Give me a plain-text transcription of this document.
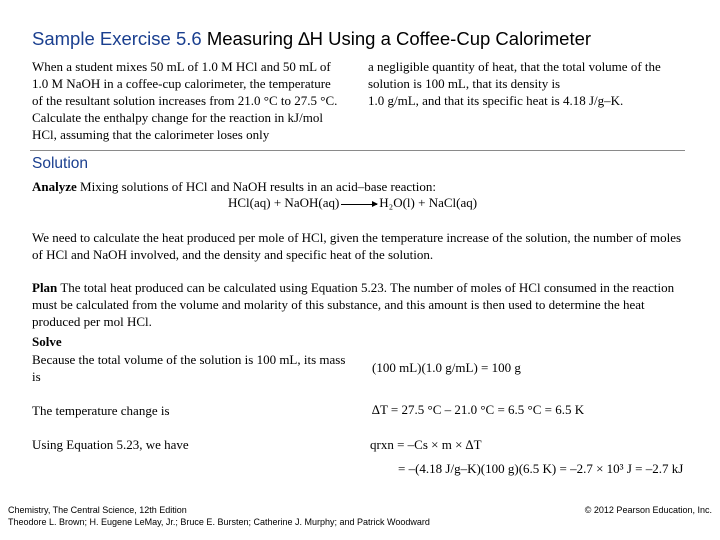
Sample Exercise 5.6 Measuring ∆H Using a Coffee-Cup Calorimeter
When a student mixes 50 mL of 1.0 M HCl and 50 mL of
1.0 M NaOH in a coffee-cup calorimeter, the temperature
of the resultant solution increases from 21.0 °C to 27.5 °C.
Calculate the enthalpy change for the reaction in kJ/mol
HCl, assuming that the calorimeter loses only
a negligible quantity of heat, that the total volume of the
solution is 100 mL, that its density is
1.0 g/mL, and that its specific heat is 4.18 J/g–K.
Solution
Analyze Mixing solutions of HCl and NaOH results in an acid–base reaction:
HCl(aq) + NaOH(aq) → H₂O(l) + NaCl(aq)
We need to calculate the heat produced per mole of HCl, given the temperature increase of the solution, the number of moles of HCl and NaOH involved, and the density and specific heat of the solution.
Plan The total heat produced can be calculated using Equation 5.23. The number of moles of HCl consumed in the reaction must be calculated from the volume and molarity of this substance, and this amount is then used to determine the heat produced per mol HCl.
Solve
Because the total volume of the solution is 100 mL, its mass is
(100 mL)(1.0 g/mL) = 100 g
The temperature change is	∆T = 27.5 °C – 21.0 °C = 6.5 °C = 6.5 K
Using Equation 5.23, we have	qrxn = –Cs × m × ∆T
= –(4.18 J/g–K)(100 g)(6.5 K) = –2.7 × 10³ J = –2.7 kJ
Chemistry, The Central Science, 12th Edition
Theodore L. Brown; H. Eugene LeMay, Jr.; Bruce E. Bursten; Catherine J. Murphy; and Patrick Woodward
© 2012 Pearson Education, Inc.
